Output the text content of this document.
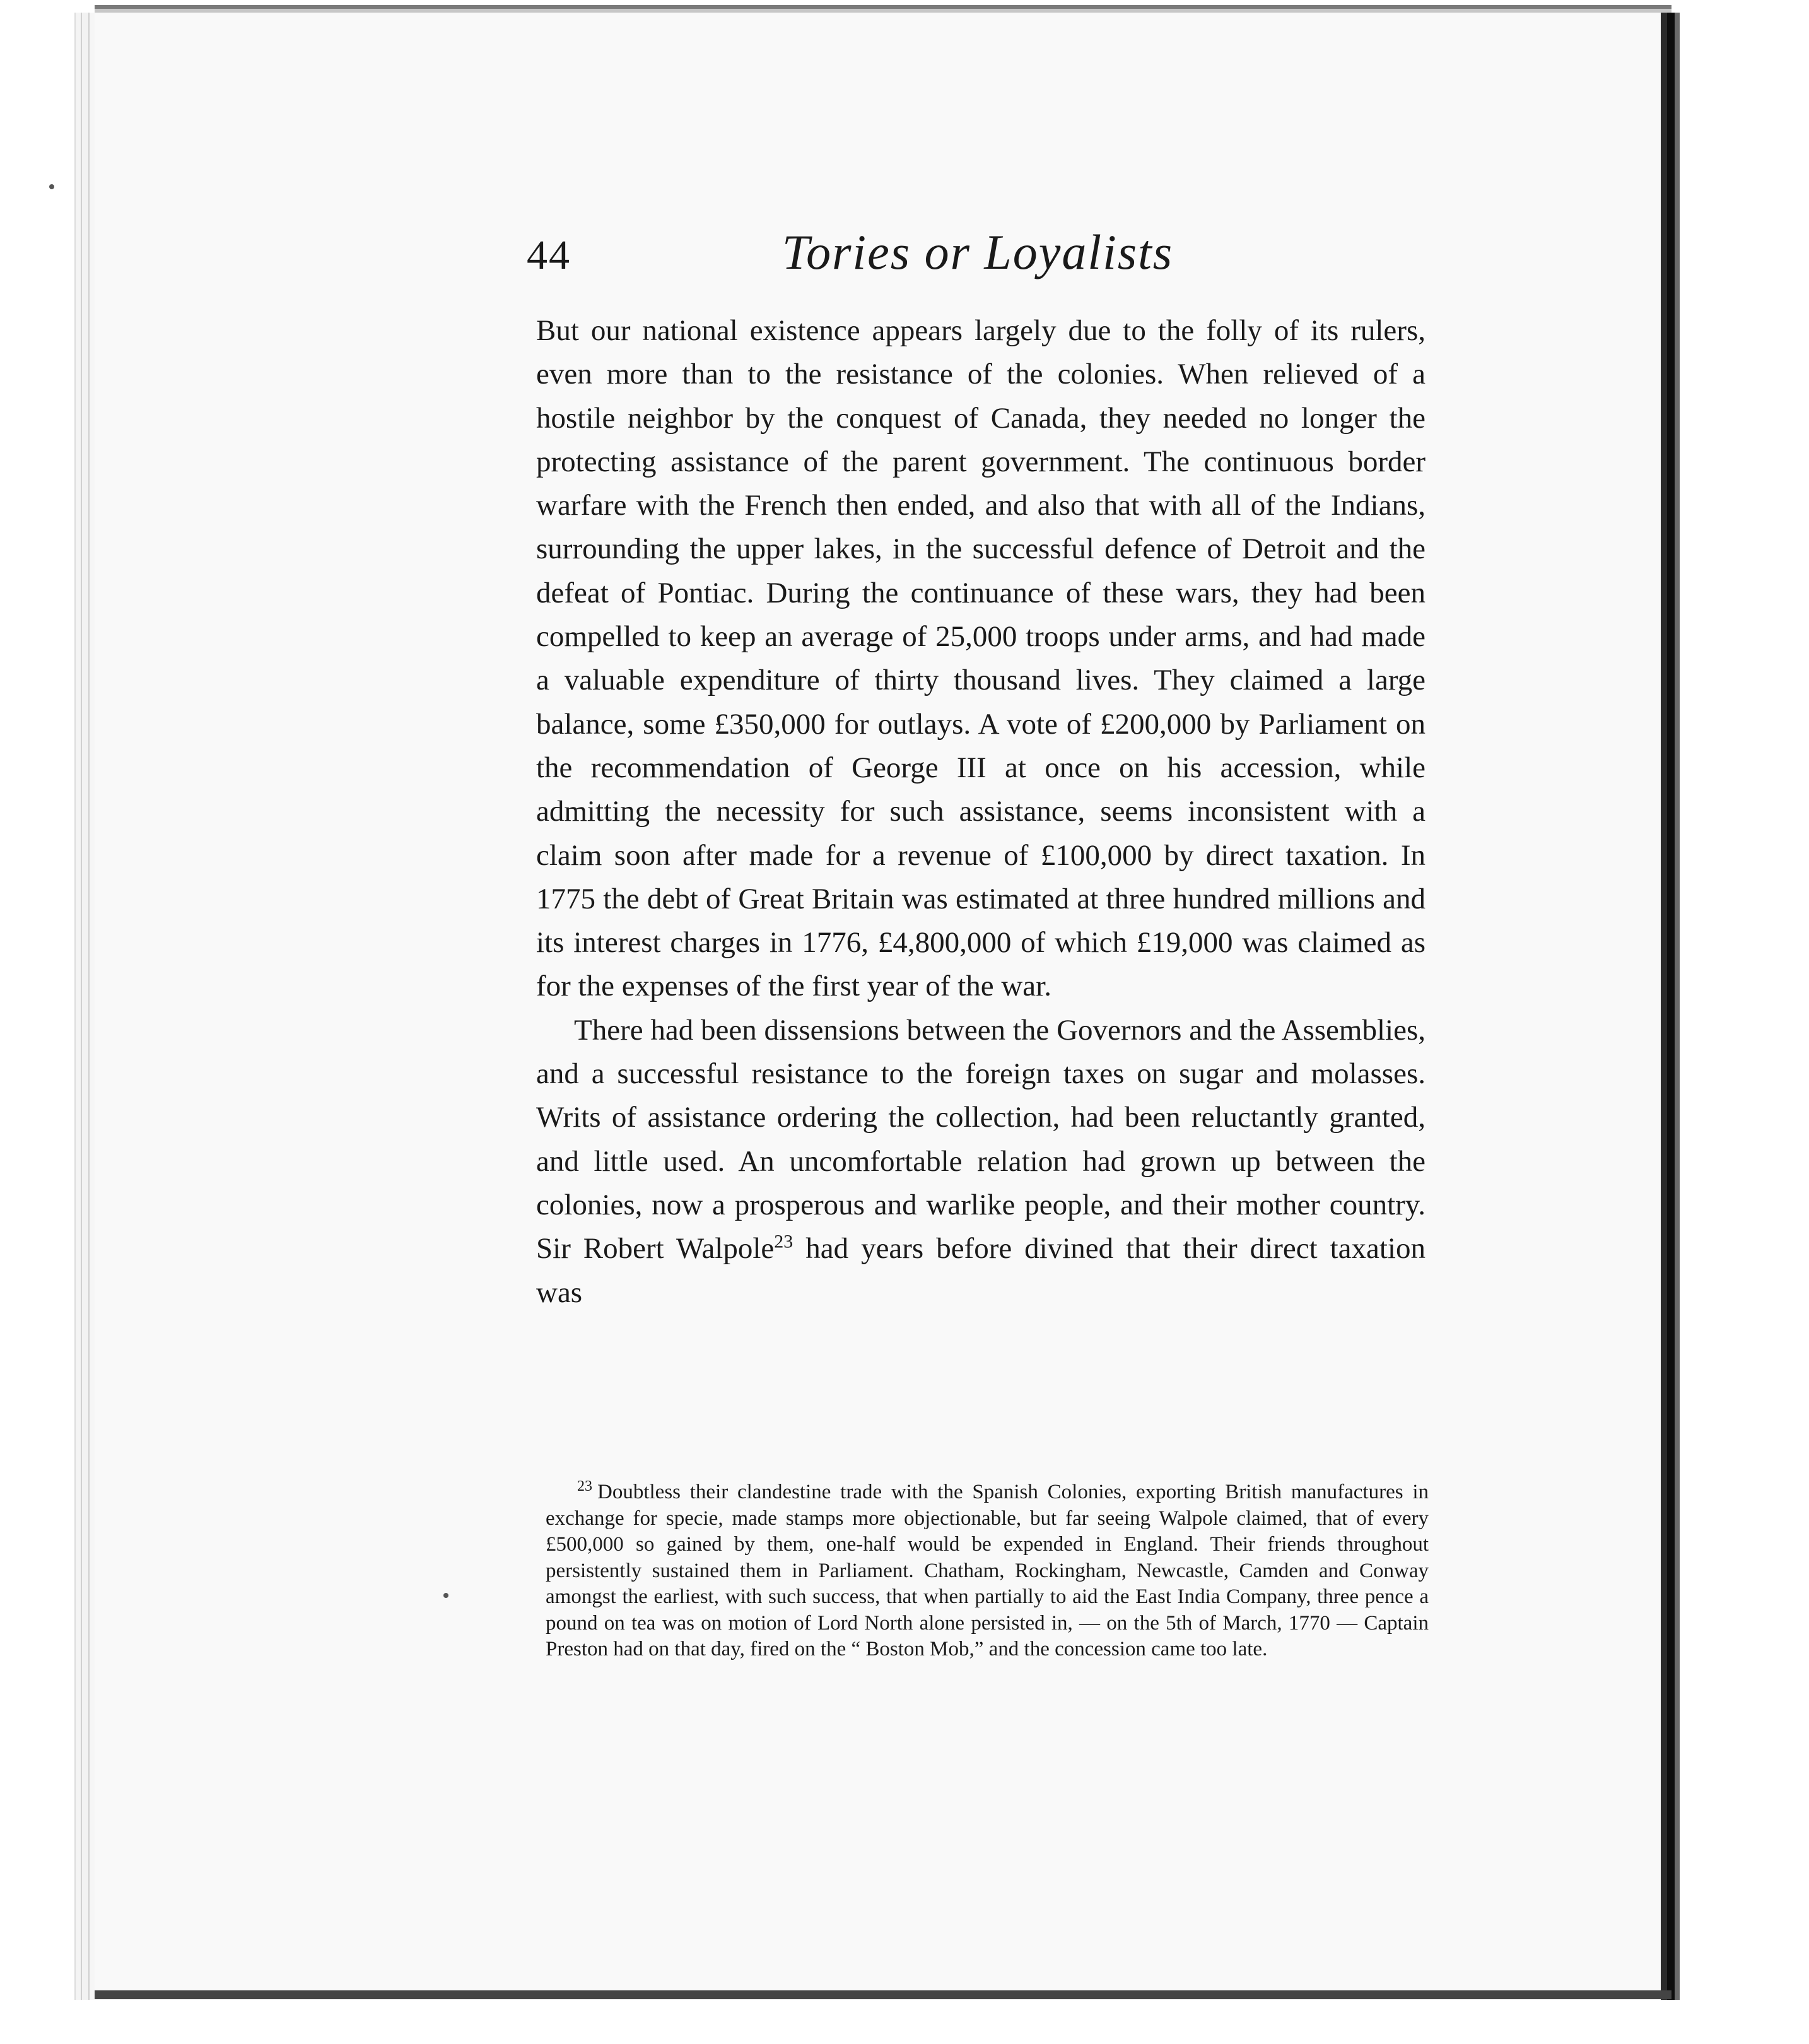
44	Tories or Loyalists

But our national existence appears largely due to the folly of its rulers, even more than to the resistance of the colonies. When relieved of a hostile neighbor by the conquest of Canada, they needed no longer the protecting assistance of the parent government. The continuous border warfare with the French then ended, and also that with all of the Indians, surrounding the upper lakes, in the successful defence of Detroit and the defeat of Pontiac. During the continuance of these wars, they had been compelled to keep an average of 25,000 troops under arms, and had made a valuable expenditure of thirty thousand lives. They claimed a large balance, some £350,000 for outlays. A vote of £200,000 by Parliament on the recommendation of George III at once on his accession, while admitting the necessity for such assistance, seems inconsistent with a claim soon after made for a revenue of £100,000 by direct taxation. In 1775 the debt of Great Britain was estimated at three hundred millions and its interest charges in 1776, £4,800,000 of which £19,000 was claimed as for the expenses of the first year of the war.

There had been dissensions between the Governors and the Assemblies, and a successful resistance to the foreign taxes on sugar and molasses. Writs of assistance ordering the collection, had been reluctantly granted, and little used. An uncomfortable relation had grown up between the colonies, now a prosperous and warlike people, and their mother country. Sir Robert Walpole$^{23}$ had years before divined that their direct taxation was

$^{23}$ Doubtless their clandestine trade with the Spanish Colonies, exporting British manufactures in exchange for specie, made stamps more objectionable, but far seeing Walpole claimed, that of every £500,000 so gained by them, one-half would be expended in England. Their friends throughout persistently sustained them in Parliament. Chatham, Rockingham, Newcastle, Camden and Conway amongst the earliest, with such success, that when partially to aid the East India Company, three pence a pound on tea was on motion of Lord North alone persisted in, — on the 5th of March, 1770 — Captain Preston had on that day, fired on the “ Boston Mob,” and the concession came too late.
